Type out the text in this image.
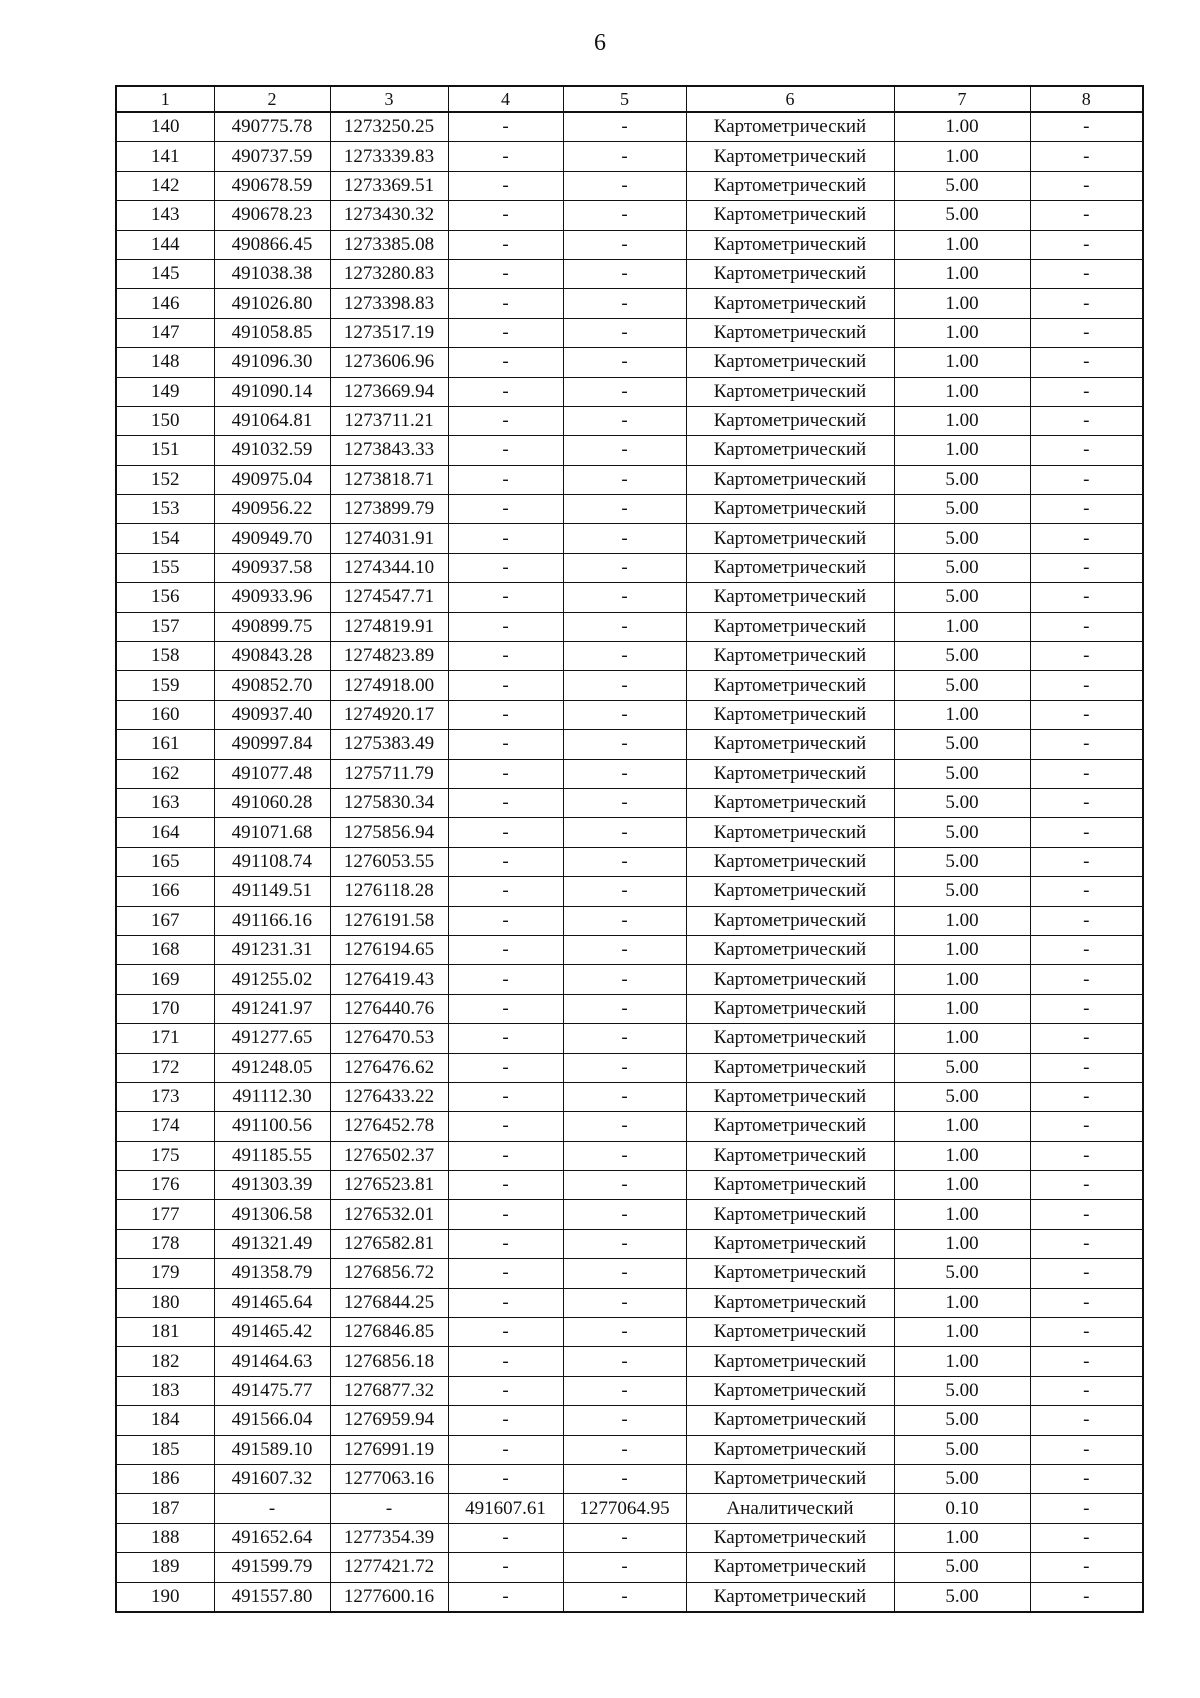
6
1	2	3	4	5	6	7	8
140	490775.78	1273250.25	-	-	Картометрический	1.00	-
141	490737.59	1273339.83	-	-	Картометрический	1.00	-
142	490678.59	1273369.51	-	-	Картометрический	5.00	-
143	490678.23	1273430.32	-	-	Картометрический	5.00	-
144	490866.45	1273385.08	-	-	Картометрический	1.00	-
145	491038.38	1273280.83	-	-	Картометрический	1.00	-
146	491026.80	1273398.83	-	-	Картометрический	1.00	-
147	491058.85	1273517.19	-	-	Картометрический	1.00	-
148	491096.30	1273606.96	-	-	Картометрический	1.00	-
149	491090.14	1273669.94	-	-	Картометрический	1.00	-
150	491064.81	1273711.21	-	-	Картометрический	1.00	-
151	491032.59	1273843.33	-	-	Картометрический	1.00	-
152	490975.04	1273818.71	-	-	Картометрический	5.00	-
153	490956.22	1273899.79	-	-	Картометрический	5.00	-
154	490949.70	1274031.91	-	-	Картометрический	5.00	-
155	490937.58	1274344.10	-	-	Картометрический	5.00	-
156	490933.96	1274547.71	-	-	Картометрический	5.00	-
157	490899.75	1274819.91	-	-	Картометрический	1.00	-
158	490843.28	1274823.89	-	-	Картометрический	5.00	-
159	490852.70	1274918.00	-	-	Картометрический	5.00	-
160	490937.40	1274920.17	-	-	Картометрический	1.00	-
161	490997.84	1275383.49	-	-	Картометрический	5.00	-
162	491077.48	1275711.79	-	-	Картометрический	5.00	-
163	491060.28	1275830.34	-	-	Картометрический	5.00	-
164	491071.68	1275856.94	-	-	Картометрический	5.00	-
165	491108.74	1276053.55	-	-	Картометрический	5.00	-
166	491149.51	1276118.28	-	-	Картометрический	5.00	-
167	491166.16	1276191.58	-	-	Картометрический	1.00	-
168	491231.31	1276194.65	-	-	Картометрический	1.00	-
169	491255.02	1276419.43	-	-	Картометрический	1.00	-
170	491241.97	1276440.76	-	-	Картометрический	1.00	-
171	491277.65	1276470.53	-	-	Картометрический	1.00	-
172	491248.05	1276476.62	-	-	Картометрический	5.00	-
173	491112.30	1276433.22	-	-	Картометрический	5.00	-
174	491100.56	1276452.78	-	-	Картометрический	1.00	-
175	491185.55	1276502.37	-	-	Картометрический	1.00	-
176	491303.39	1276523.81	-	-	Картометрический	1.00	-
177	491306.58	1276532.01	-	-	Картометрический	1.00	-
178	491321.49	1276582.81	-	-	Картометрический	1.00	-
179	491358.79	1276856.72	-	-	Картометрический	5.00	-
180	491465.64	1276844.25	-	-	Картометрический	1.00	-
181	491465.42	1276846.85	-	-	Картометрический	1.00	-
182	491464.63	1276856.18	-	-	Картометрический	1.00	-
183	491475.77	1276877.32	-	-	Картометрический	5.00	-
184	491566.04	1276959.94	-	-	Картометрический	5.00	-
185	491589.10	1276991.19	-	-	Картометрический	5.00	-
186	491607.32	1277063.16	-	-	Картометрический	5.00	-
187	-	-	491607.61	1277064.95	Аналитический	0.10	-
188	491652.64	1277354.39	-	-	Картометрический	1.00	-
189	491599.79	1277421.72	-	-	Картометрический	5.00	-
190	491557.80	1277600.16	-	-	Картометрический	5.00	-
